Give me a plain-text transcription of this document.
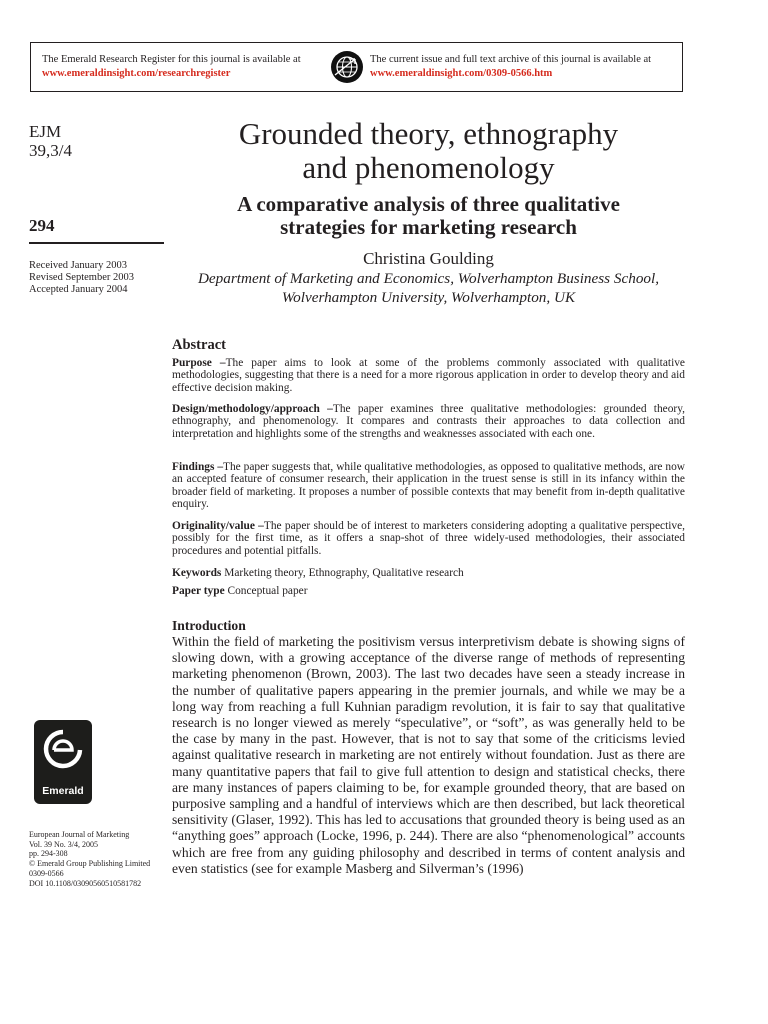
The Emerald Research Register for this journal is available at
www.emeraldinsight.com/researchregister
The current issue and full text archive of this journal is available at
www.emeraldinsight.com/0309-0566.htm
EJM
39,3/4
294
Received January 2003
Revised September 2003
Accepted January 2004
Emerald
European Journal of Marketing
Vol. 39 No. 3/4, 2005
pp. 294-308
© Emerald Group Publishing Limited
0309-0566
DOI 10.1108/03090560510581782
Grounded theory, ethnography
and phenomenology
A comparative analysis of three qualitative
strategies for marketing research
Christina Goulding
Department of Marketing and Economics, Wolverhampton Business School,
Wolverhampton University, Wolverhampton, UK
Abstract
Purpose – The paper aims to look at some of the problems commonly associated with qualitative methodologies, suggesting that there is a need for a more rigorous application in order to develop theory and aid effective decision making.
Design/methodology/approach – The paper examines three qualitative methodologies: grounded theory, ethnography, and phenomenology. It compares and contrasts their approaches to data collection and interpretation and highlights some of the strengths and weaknesses associated with each one.
Findings – The paper suggests that, while qualitative methodologies, as opposed to qualitative methods, are now an accepted feature of consumer research, their application in the truest sense is still in its infancy within the broader field of marketing. It proposes a number of possible contexts that may benefit from in-depth qualitative enquiry.
Originality/value – The paper should be of interest to marketers considering adopting a qualitative perspective, possibly for the first time, as it offers a snap-shot of three widely-used methodologies, their associated procedures and potential pitfalls.
Keywords Marketing theory, Ethnography, Qualitative research
Paper type Conceptual paper
Introduction
Within the field of marketing the positivism versus interpretivism debate is showing signs of slowing down, with a growing acceptance of the diverse range of methods of representing marketing phenomenon (Brown, 2003). The last two decades have seen a steady increase in the number of qualitative papers appearing in the premier journals, and while we may be a long way from reaching a full Kuhnian paradigm revolution, it is fair to say that qualitative research is no longer viewed as merely “speculative”, or “soft”, as was generally held to be the case by many in the past. However, that is not to say that some of the criticisms levied against qualitative research in marketing are not entirely without foundation. Just as there are many quantitative papers that fail to give full attention to design and statistical checks, there are many instances of papers claiming to be, for example grounded theory, that are based on purposive sampling and a handful of interviews which are then described, but lack theoretical sensitivity (Glaser, 1992). This has led to accusations that grounded theory is being used as an “anything goes” approach (Locke, 1996, p. 244). There are also “phenomenological” accounts which are free from any guiding philosophy and described in terms of content analysis and even statistics (see for example Masberg and Silverman’s (1996)
